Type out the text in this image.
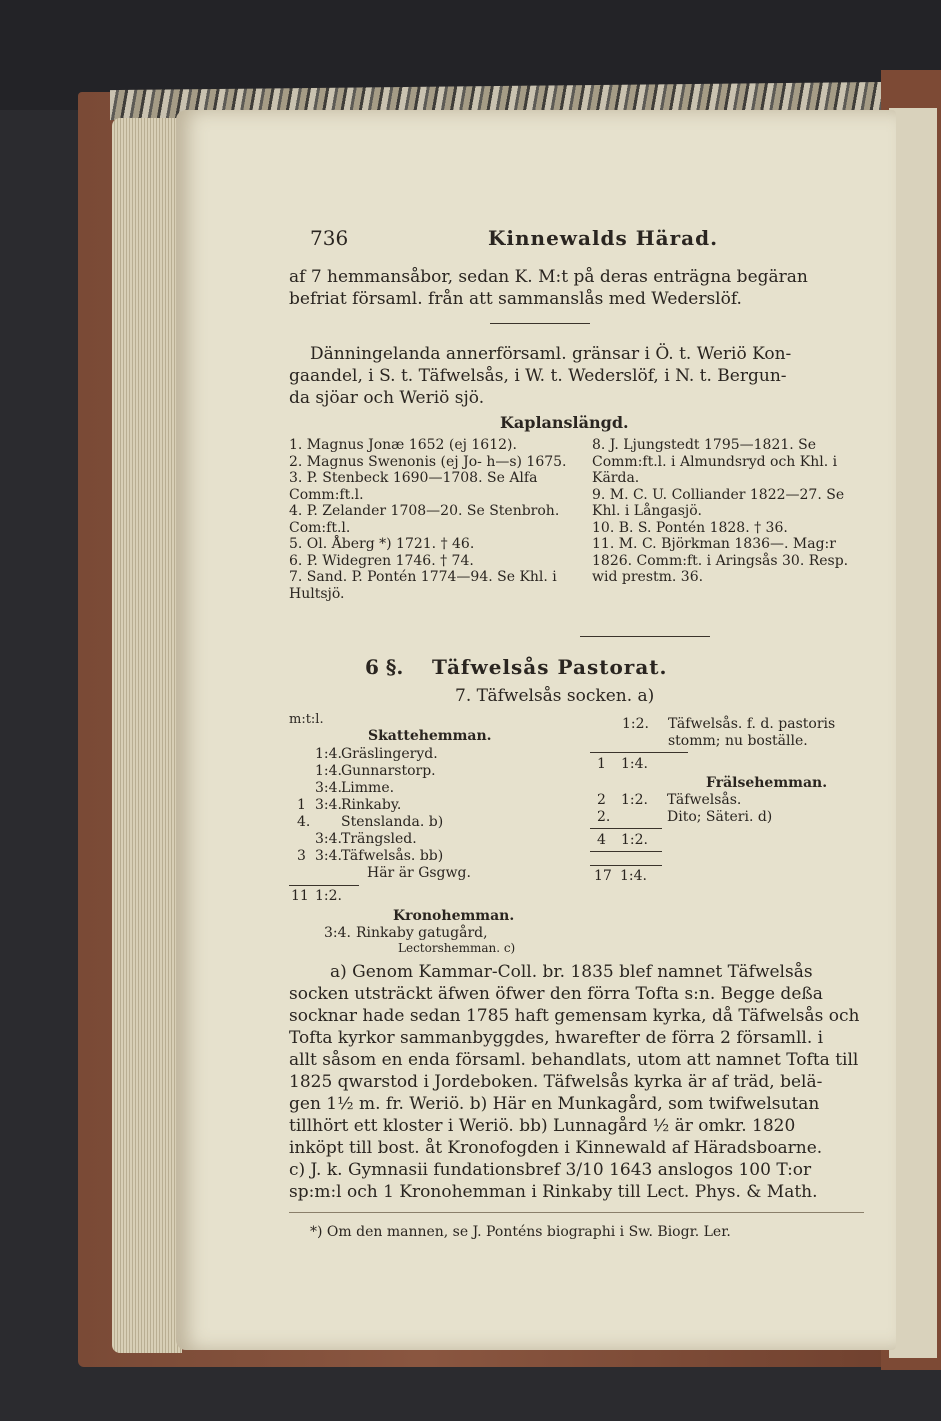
736	Kinnewalds Härad.
af 7 hemmansåbor, sedan K. M:t på deras enträgna begäran
befriat församl. från att sammanslås med Wederslöf.
Dänningelanda annerförsaml. gränsar i Ö. t. Weriö Kon-
gaandel, i S. t. Täfwelsås, i W. t. Wederslöf, i N. t. Bergun-
da sjöar och Weriö sjö.
Kaplanslängd.
1. Magnus Jonæ 1652 (ej 1612).
2. Magnus Swenonis (ej Jo- h—s) 1675.
3. P. Stenbeck 1690—1708. Se Alfa Comm:ft.l.
4. P. Zelander 1708—20. Se Stenbroh. Com:ft.l.
5. Ol. Åberg *) 1721. † 46.
6. P. Widegren 1746. † 74.
7. Sand. P. Pontén 1774—94. Se Khl. i Hultsjö.
8. J. Ljungstedt 1795—1821. Se Comm:ft.l. i Almundsryd och Khl. i Kärda.
9. M. C. U. Colliander 1822—27. Se Khl. i Långasjö.
10. B. S. Pontén 1828. † 36.
11. M. C. Björkman 1836—. Mag:r 1826. Comm:ft. i Aringsås 30. Resp. wid prestm. 36.
6 §. Täfwelsås Pastorat.
7. Täfwelsås socken. a)
m:t:l.
Skattehemman.
1:4.Gräslingeryd.
1:4.Gunnarstorp.
3:4.Limme.
1 3:4.Rinkaby.
4. Stenslanda. b)
3:4.Trängsled.
3 3:4.Täfwelsås. bb)
Här är Gsgwg.
11 1:2.
Kronohemman.
3:4. Rinkaby gatugård,
Lectorshemman. c)
1:2. Täfwelsås. f. d. pastoris
stomm; nu boställe.
1 1:4.
Frälsehemman.
2 1:2. Täfwelsås.
2.	Dito; Säteri. d)
4 1:2.
17 1:4.
a) Genom Kammar-Coll. br. 1835 blef namnet Täfwelsås
socken utsträckt äfwen öfwer den förra Tofta s:n. Begge deßa
socknar hade sedan 1785 haft gemensam kyrka, då Täfwelsås och
Tofta kyrkor sammanbyggdes, hwarefter de förra 2 församll. i
allt såsom en enda församl. behandlats, utom att namnet Tofta till
1825 qwarstod i Jordeboken. Täfwelsås kyrka är af träd, belä-
gen 1½ m. fr. Weriö. b) Här en Munkagård, som twifwelsutan
tillhört ett kloster i Weriö. bb) Lunnagård ½ är omkr. 1820
inköpt till bost. åt Kronofogden i Kinnewald af Häradsboarne.
c) J. k. Gymnasii fundationsbref 3/10 1643 anslogos 100 T:or
sp:m:l och 1 Kronohemman i Rinkaby till Lect. Phys. & Math.
*) Om den mannen, se J. Ponténs biographi i Sw. Biogr. Ler.
